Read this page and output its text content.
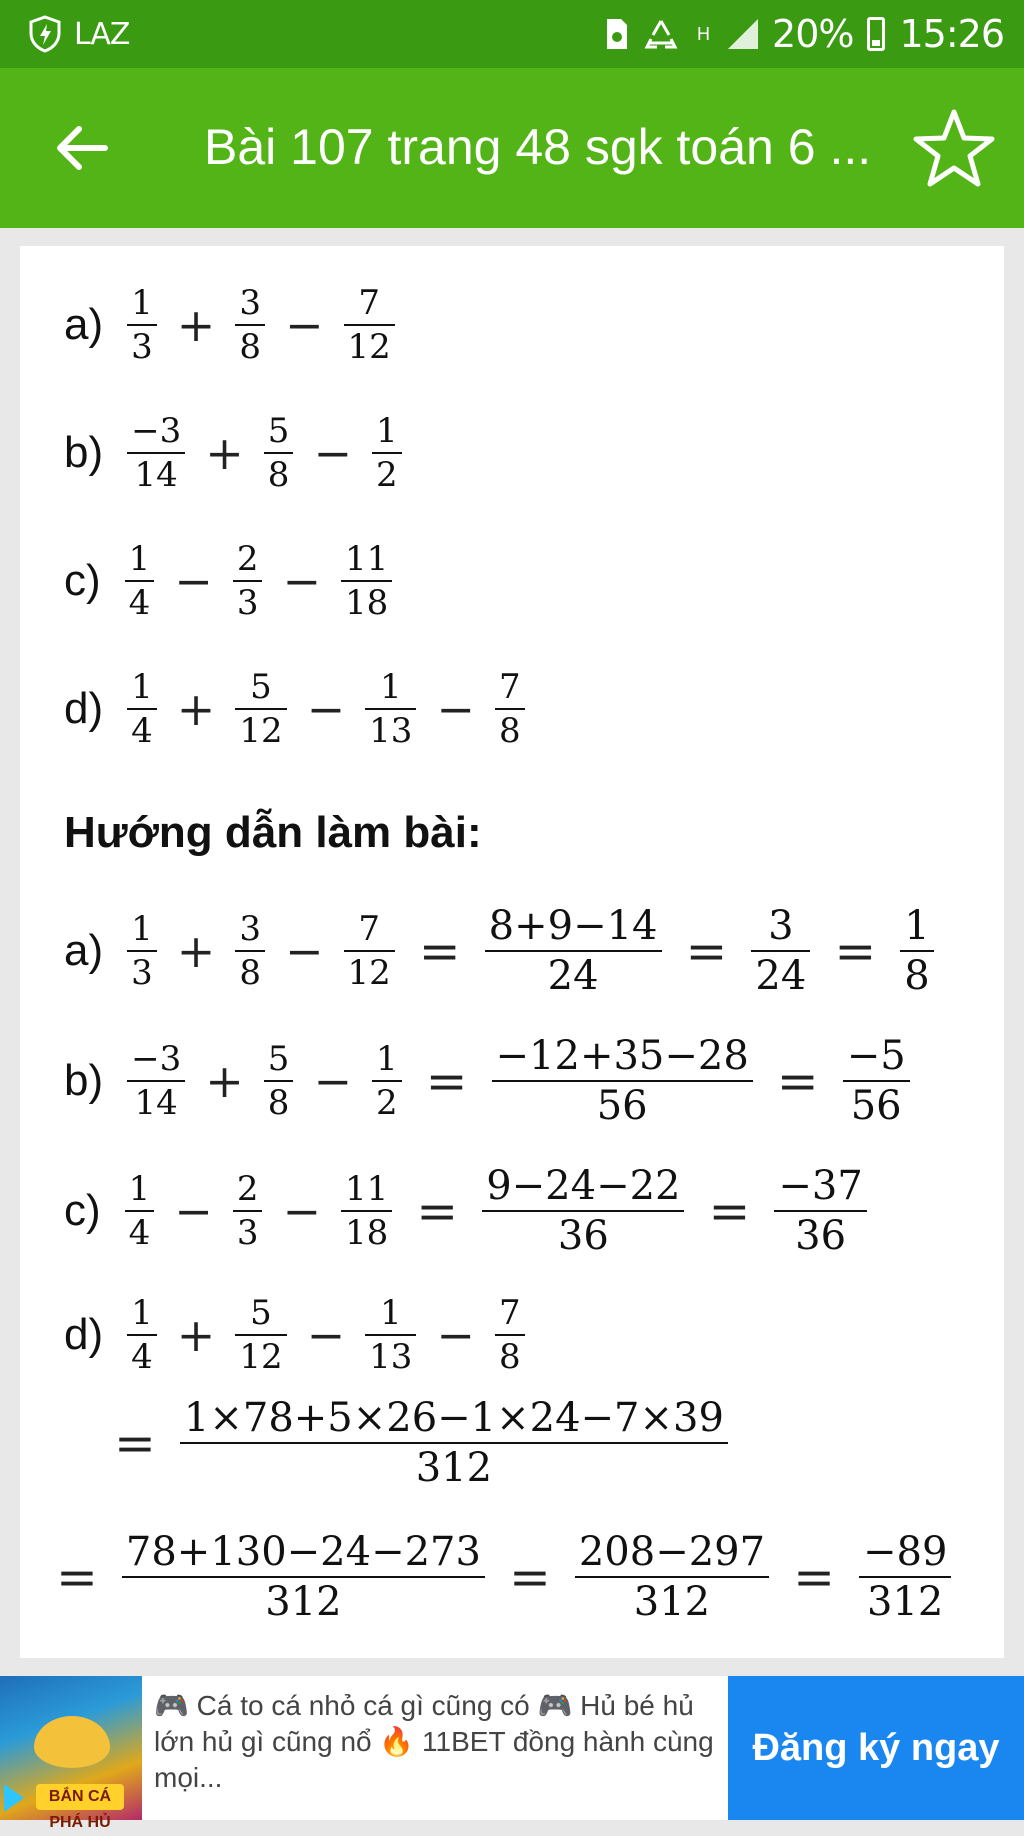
LAZ	H 20% 15:26
Bài 107 trang 48 sgk toán 6 ...
$a) \frac{1}{3} + \frac{3}{8} - \frac{7}{12}$
$b) \frac{-3}{14} + \frac{5}{8} - \frac{1}{2}$
$c) \frac{1}{4} - \frac{2}{3} - \frac{11}{18}$
$d) \frac{1}{4} + \frac{5}{12} - \frac{1}{13} - \frac{7}{8}$
Hướng dẫn làm bài:
$a) \frac{1}{3} + \frac{3}{8} - \frac{7}{12} = \frac{8+9-14}{24} = \frac{3}{24} = \frac{1}{8}$
$b) \frac{-3}{14} + \frac{5}{8} - \frac{1}{2} = \frac{-12+35-28}{56} = \frac{-5}{56}$
$c) \frac{1}{4} - \frac{2}{3} - \frac{11}{18} = \frac{9-24-22}{36} = \frac{-37}{36}$
$d) \frac{1}{4} + \frac{5}{12} - \frac{1}{13} - \frac{7}{8}$
= $\frac{1\times 78+5\times 26-1\times 24-7\times 39}{312}$
= $\frac{78+130-24-273}{312} = \frac{208-297}{312} = \frac{-89}{312}$
BẮN CÁ PHÁ HỦ
🎮 Cá to cá nhỏ cá gì cũng có 🎮 Hủ bé hủ lớn hủ gì cũng nổ 🔥 11BET đồng hành cùng mọi...
Đăng ký ngay
